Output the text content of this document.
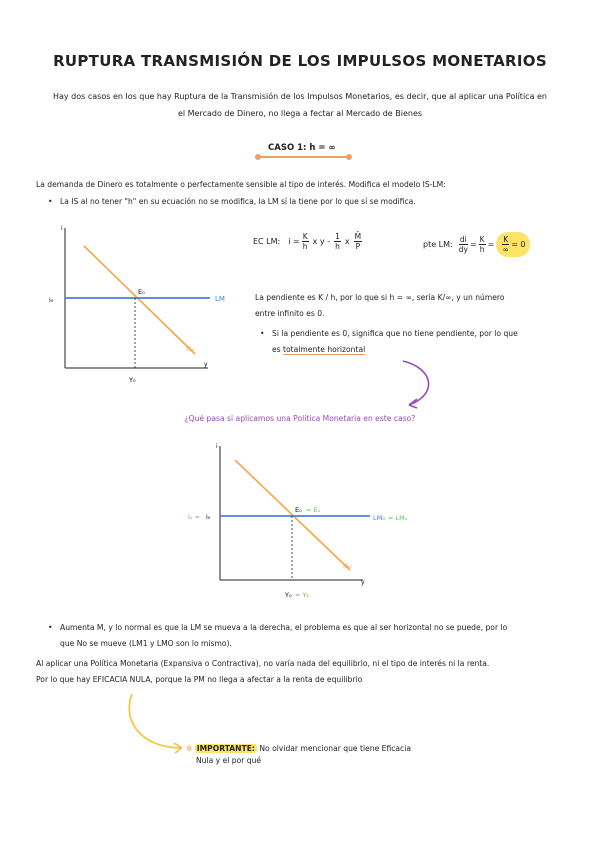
RUPTURA TRANSMISIÓN DE LOS IMPULSOS MONETARIOS
Hay dos casos en los que hay Ruptura de la Transmisión de los Impulsos Monetarios, es decir, que al aplicar una Política en
el Mercado de Dinero, no llega a fectar al Mercado de Bienes
CASO 1: h = ∞
La demanda de Dinero es totalmente o perfectamente sensible al tipo de interés. Modifica el modelo IS-LM:
• La IS al no tener "h" en su ecuación no se modifica, la LM sí la tiene por lo que sí se modifica.
i
y
i₀
E₀
LM
IS₀
Y₀
EC LM: $i = \frac{K}{h}$ x y - $\frac{1}{h}$ x $\frac{M̄}{P̄}$	pte LM: $\frac{di}{dy} = \frac{K}{h} = \frac{K}{\infty} = 0$
La pendiente es K / h, por lo que si h = ∞, sería K/∞, y un número
entre infinito es 0.
• Si la pendiente es 0, significa que no tiene pendiente, por lo que
es totalmente horizontal
¿Qué pasa si aplicamos una Política Monetaria en este caso?
i
y
i₁ = i₀
E₀ = E₁
LM₀ = LM₁
IS₀
Y₀ = Y₁
• Aumenta M, y lo normal es que la LM se mueva a la derecha, el problema es que al ser horizontal no se puede, por lo
que No se mueve (LM1 y LMO son lo mismo).
Al aplicar una Política Monetaria (Expansiva o Contractiva), no varía nada del equilibrio, ni el tipo de interés ni la renta.
Por lo que hay EFICACIA NULA, porque la PM no llega a afectar a la renta de equilibrio
✲ IMPORTANTE: No olvidar mencionar que tiene Eficacia
Nula y el por qué
